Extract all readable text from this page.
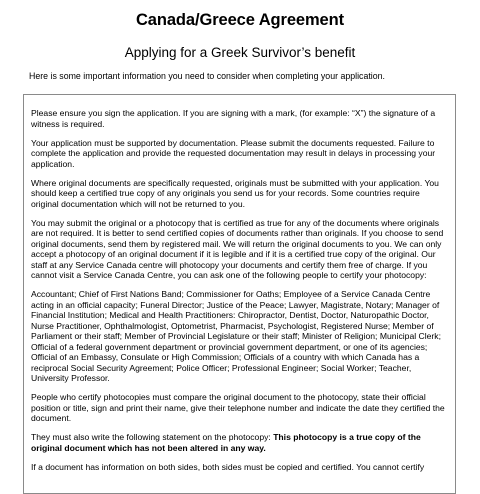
Canada/Greece Agreement
Applying for a Greek Survivor’s benefit
Here is some important information you need to consider when completing your application.

Please ensure you sign the application. If you are signing with a mark, (for example: “X”) the signature of a witness is required.

Your application must be supported by documentation. Please submit the documents requested. Failure to complete the application and provide the requested documentation may result in delays in processing your application.

Where original documents are specifically requested, originals must be submitted with your application. You should keep a certified true copy of any originals you send us for your records. Some countries require original documentation which will not be returned to you.

You may submit the original or a photocopy that is certified as true for any of the documents where originals are not required. It is better to send certified copies of documents rather than originals. If you choose to send original documents, send them by registered mail. We will return the original documents to you. We can only accept a photocopy of an original document if it is legible and if it is a certified true copy of the original. Our staff at any Service Canada centre will photocopy your documents and certify them free of charge. If you cannot visit a Service Canada Centre, you can ask one of the following people to certify your photocopy:

Accountant; Chief of First Nations Band; Commissioner for Oaths; Employee of a Service Canada Centre acting in an official capacity; Funeral Director; Justice of the Peace; Lawyer, Magistrate, Notary; Manager of Financial Institution; Medical and Health Practitioners: Chiropractor, Dentist, Doctor, Naturopathic Doctor, Nurse Practitioner, Ophthalmologist, Optometrist, Pharmacist, Psychologist, Registered Nurse; Member of Parliament or their staff; Member of Provincial Legislature or their staff; Minister of Religion; Municipal Clerk; Official of a federal government department or provincial government department, or one of its agencies; Official of an Embassy, Consulate or High Commission; Officials of a country with which Canada has a reciprocal Social Security Agreement; Police Officer; Professional Engineer; Social Worker; Teacher, University Professor.

People who certify photocopies must compare the original document to the photocopy, state their official position or title, sign and print their name, give their telephone number and indicate the date they certified the document.

They must also write the following statement on the photocopy: This photocopy is a true copy of the original document which has not been altered in any way.

If a document has information on both sides, both sides must be copied and certified. You cannot certify
